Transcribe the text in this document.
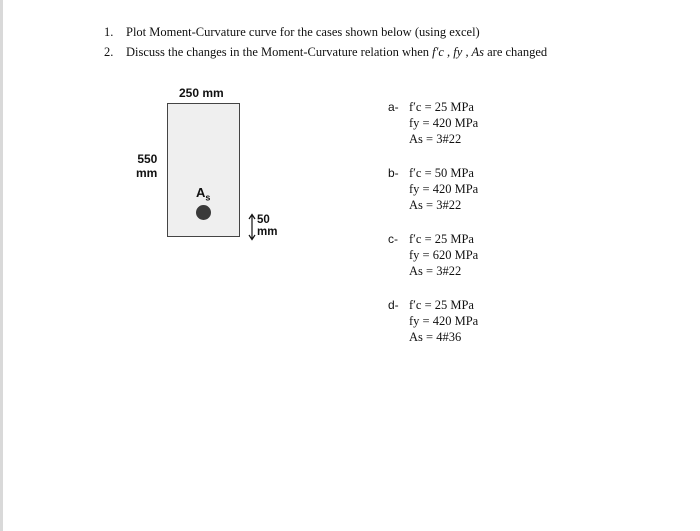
1. Plot Moment-Curvature curve for the cases shown below (using excel)
2. Discuss the changes in the Moment-Curvature relation when f′c , fy , As are changed
250 mm
550
mm
$A_s$
50
mm
a- f′c = 25 MPa
fy = 420 MPa
As = 3#22
b- f′c = 50 MPa
fy = 420 MPa
As = 3#22
c- f′c = 25 MPa
fy = 620 MPa
As = 3#22
d- f′c = 25 MPa
fy = 420 MPa
As = 4#36
